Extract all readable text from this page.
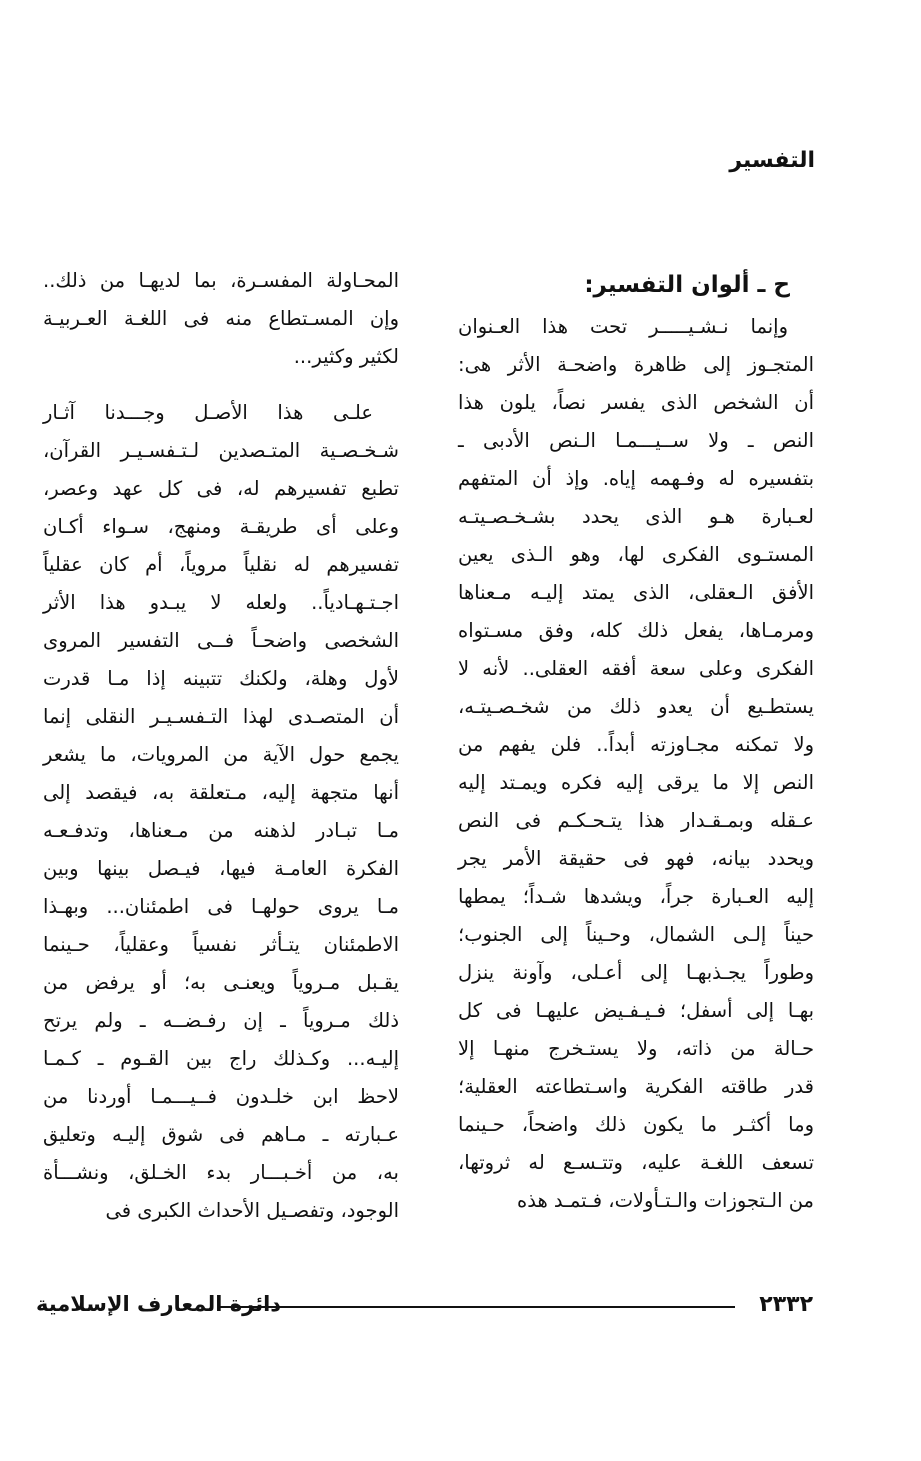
التفسير
ح ـ ألوان التفسير:
وإنما نـشـيـــــر تحت هذا العـنوان
المتجـوز إلى ظاهرة واضحـة الأثر هى:
أن الشخص الذى يفسر نصاً، يلون هذا
النص ـ ولا ســيـــمـا الـنص الأدبى ـ
بتفسيره له وفـهمه إياه. وإذ أن المتفهم
لعـبارة هـو الذى يحدد بشـخـصـيتـه
المستـوى الفكرى لها، وهو الـذى يعين
الأفق الـعقلى، الذى يمتد إليـه مـعناها
ومرمـاها، يفعل ذلك كله، وفق مسـتواه
الفكرى وعلى سعة أفقه العقلى.. لأنه لا
يستطـيع أن يعدو ذلك من شخـصـيتـه،
ولا تمكنه مجـاوزته أبداً.. فلن يفهم من
النص إلا ما يرقى إليه فكره ويمـتد إليه
عـقله وبمـقـدار هذا يتـحـكـم فى النص
ويحدد بيانه، فهو فى حقيقة الأمر يجر
إليه العـبارة جراً، ويشدها شـداً؛ يمطها
حيناً إلـى الشمال، وحـيناً إلى الجنوب؛
وطوراً يجـذبهـا إلى أعـلى، وآونة ينزل
بهـا إلى أسفل؛ فـيـفـيض عليهـا فى كل
حـالة من ذاته، ولا يستـخرج منهـا إلا
قدر طاقته الفكرية واسـتطاعته العقلية؛
وما أكثـر ما يكون ذلك واضحاً، حـينما
تسعف اللغـة عليه، وتتـسـع له ثروتها،
من الـتجوزات والـتـأولات، فـتمـد هذه
المحـاولة المفسـرة، بما لديهـا من ذلك..
وإن المسـتطاع منه فى اللغـة العـربيـة
لكثير وكثير...
علـى هذا الأصـل وجـــدنا آثـار
شـخـصـية المتـصدين لـتـفسـيـر القرآن،
تطبع تفسيرهم له، فى كل عهد وعصر،
وعلى أى طريقـة ومنهج، سـواء أكـان
تفسيرهم له نقلياً مروياً، أم كان عقلياً
اجـتـهـادياً.. ولعله لا يبـدو هذا الأثر
الشخصى واضحـاً فــى التفسير المروى
لأول وهلة، ولكنك تتبينه إذا مـا قدرت
أن المتصـدى لهذا التـفسـيـر النقلى إنما
يجمع حول الآية من المرويات، ما يشعر
أنها متجهة إليه، مـتعلقة به، فيقصد إلى
مـا تبـادر لذهنه من مـعناها، وتدفـعـه
الفكرة العامـة فيها، فيـصل بينها وبين
مـا يروى حولهـا فى اطمئنان... وبهـذا
الاطمئنان يتـأثر نفسياً وعقلياً، حـينما
يقـبل مـروياً ويعنـى به؛ أو يرفض من
ذلك مـروياً ـ إن رفـضــه ـ ولم يرتح
إليـه... وكـذلك راج بين القـوم ـ كـمـا
لاحظ ابن خلـدون فــيـــمـا أوردنا من
عـبارته ـ مـاهم فى شوق إليـه وتعليق
به، من أخـبـــار بدء الخـلق، ونشـــأة
الوجود، وتفصـيل الأحداث الكبرى فى
٢٣٣٢
دائرة المعارف الإسلامية
